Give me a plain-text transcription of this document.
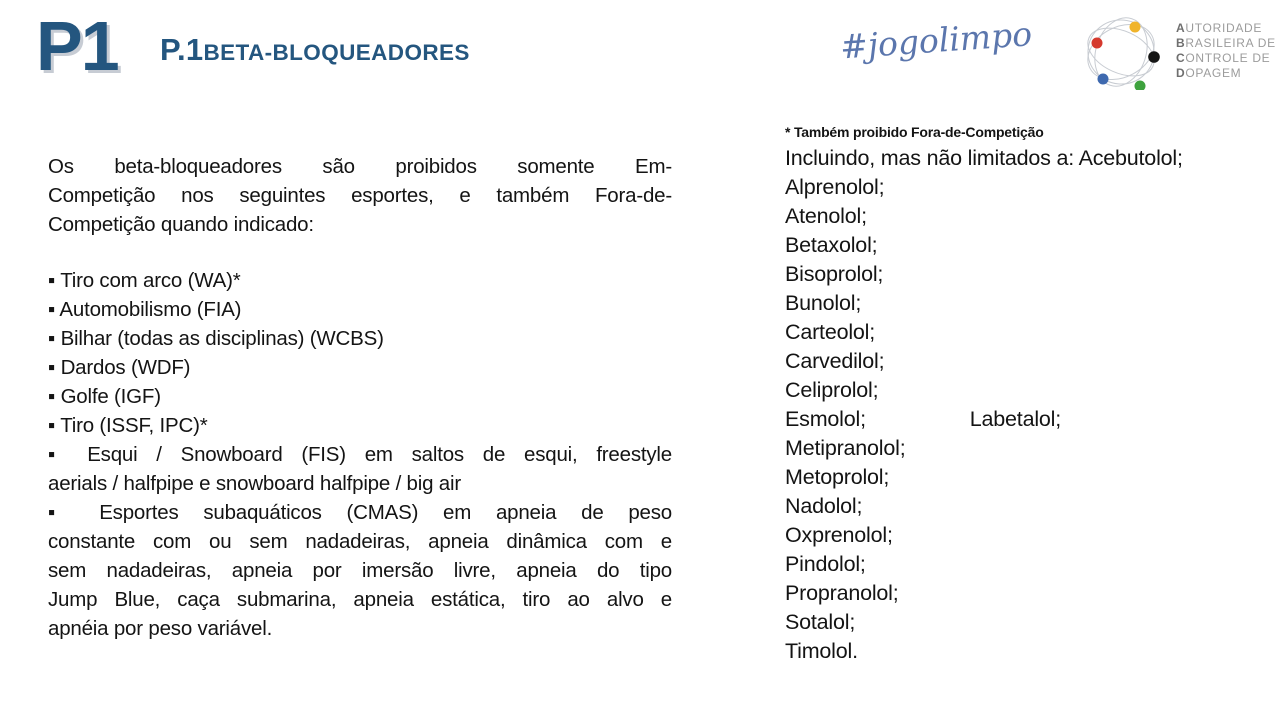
P1 P.1 BETA-BLOQUEADORES	#jogolimpo	AUTORIDADE
BRASILEIRA DE
CONTROLE DE
DOPAGEM
Os beta-bloqueadores são proibidos somente Em-
Competição nos seguintes esportes, e também Fora-de-
Competição quando indicado:
▪ Tiro com arco (WA)*
▪ Automobilismo (FIA)
▪ Bilhar (todas as disciplinas) (WCBS)
▪ Dardos (WDF)
▪ Golfe (IGF)
▪ Tiro (ISSF, IPC)*
▪ Esqui / Snowboard (FIS) em saltos de esqui, freestyle
aerials / halfpipe e snowboard halfpipe / big air
▪ Esportes subaquáticos (CMAS) em apneia de peso
constante com ou sem nadadeiras, apneia dinâmica com e
sem nadadeiras, apneia por imersão livre, apneia do tipo
Jump Blue, caça submarina, apneia estática, tiro ao alvo e
apnéia por peso variável.
* Também proibido Fora-de-Competição
Incluindo, mas não limitados a: Acebutolol;
Alprenolol;
Atenolol;
Betaxolol;
Bisoprolol;
Bunolol;
Carteolol;
Carvedilol;
Celiprolol;
Esmolol;                  Labetalol;
Metipranolol;
Metoprolol;
Nadolol;
Oxprenolol;
Pindolol;
Propranolol;
Sotalol;
Timolol.
